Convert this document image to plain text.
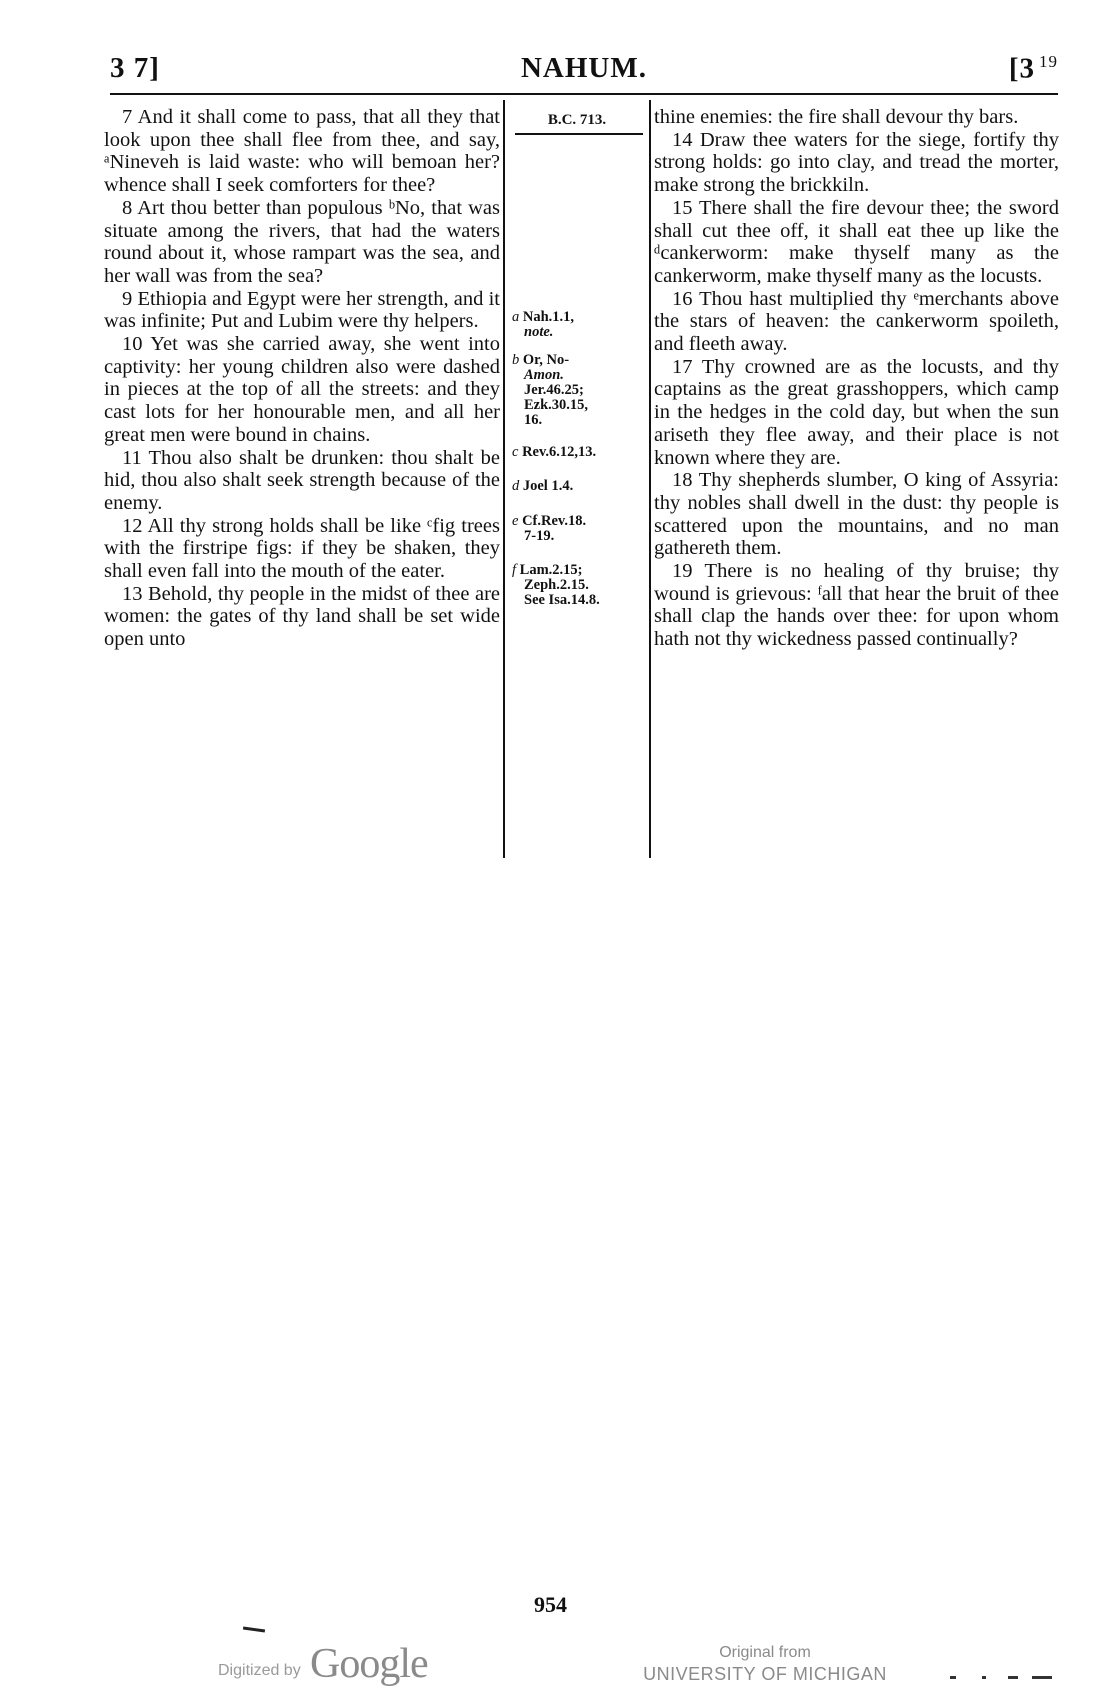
3 7]	NAHUM.	[3 $^{19}$

7 And it shall come to pass, that all they that look upon thee shall flee from thee, and say, ᵃNineveh is laid waste: who will bemoan her? whence shall I seek comforters for thee?

8 Art thou better than populous ᵇNo, that was situate among the rivers, that had the waters round about it, whose rampart was the sea, and her wall was from the sea?

9 Ethiopia and Egypt were her strength, and it was infinite; Put and Lubim were thy helpers.

10 Yet was she carried away, she went into captivity: her young children also were dashed in pieces at the top of all the streets: and they cast lots for her honourable men, and all her great men were bound in chains.

11 Thou also shalt be drunken: thou shalt be hid, thou also shalt seek strength because of the enemy.

12 All thy strong holds shall be like ᶜfig trees with the firstripe figs: if they be shaken, they shall even fall into the mouth of the eater.

13 Behold, thy people in the midst of thee are women: the gates of thy land shall be set wide open unto

B.C. 713.
a Nah.1.1,
note.
b Or, No-
Amon.
Jer.46.25;
Ezk.30.15,
16.
c Rev.6.12,13.
d Joel 1.4.
e Cf.Rev.18.
7-19.
f Lam.2.15;
Zeph.2.15.
See Isa.14.8.

thine enemies: the fire shall devour thy bars.

14 Draw thee waters for the siege, fortify thy strong holds: go into clay, and tread the morter, make strong the brickkiln.

15 There shall the fire devour thee; the sword shall cut thee off, it shall eat thee up like the ᵈcankerworm: make thyself many as the cankerworm, make thyself many as the locusts.

16 Thou hast multiplied thy ᵉmerchants above the stars of heaven: the cankerworm spoileth, and fleeth away.

17 Thy crowned are as the locusts, and thy captains as the great grasshoppers, which camp in the hedges in the cold day, but when the sun ariseth they flee away, and their place is not known where they are.

18 Thy shepherds slumber, O king of Assyria: thy nobles shall dwell in the dust: thy people is scattered upon the mountains, and no man gathereth them.

19 There is no healing of thy bruise; thy wound is grievous: ᶠall that hear the bruit of thee shall clap the hands over thee: for upon whom hath not thy wickedness passed continually?

954
Digitized by Google	Original from
UNIVERSITY OF MICHIGAN
